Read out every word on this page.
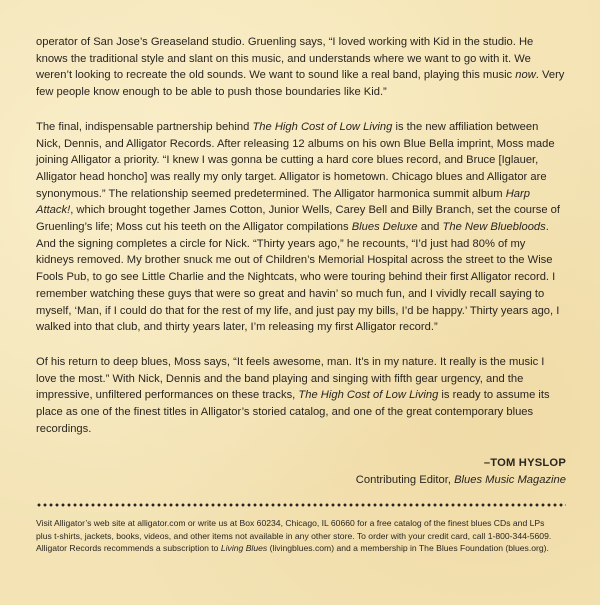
operator of San Jose’s Greaseland studio. Gruenling says, “I loved working with Kid in the studio. He knows the traditional style and slant on this music, and understands where we want to go with it. We weren’t looking to recreate the old sounds. We want to sound like a real band, playing this music now. Very few people know enough to be able to push those boundaries like Kid.”

The final, indispensable partnership behind The High Cost of Low Living is the new affiliation between Nick, Dennis, and Alligator Records. After releasing 12 albums on his own Blue Bella imprint, Moss made joining Alligator a priority. “I knew I was gonna be cutting a hard core blues record, and Bruce [Iglauer, Alligator head honcho] was really my only target. Alligator is hometown. Chicago blues and Alligator are synonymous.” The relationship seemed predetermined. The Alligator harmonica summit album Harp Attack!, which brought together James Cotton, Junior Wells, Carey Bell and Billy Branch, set the course of Gruenling’s life; Moss cut his teeth on the Alligator compilations Blues Deluxe and The New Bluebloods. And the signing completes a circle for Nick. “Thirty years ago,” he recounts, “I’d just had 80% of my kidneys removed. My brother snuck me out of Children’s Memorial Hospital across the street to the Wise Fools Pub, to go see Little Charlie and the Nightcats, who were touring behind their first Alligator record. I remember watching these guys that were so great and havin’ so much fun, and I vividly recall saying to myself, ‘Man, if I could do that for the rest of my life, and just pay my bills, I’d be happy.’ Thirty years ago, I walked into that club, and thirty years later, I’m releasing my first Alligator record.”

Of his return to deep blues, Moss says, “It feels awesome, man. It’s in my nature. It really is the music I love the most.” With Nick, Dennis and the band playing and singing with fifth gear urgency, and the impressive, unfiltered performances on these tracks, The High Cost of Low Living is ready to assume its place as one of the finest titles in Alligator’s storied catalog, and one of the great contemporary blues recordings.

–TOM HYSLOP
Contributing Editor, Blues Music Magazine
Visit Alligator’s web site at alligator.com or write us at Box 60234, Chicago, IL 60660 for a free catalog of the finest blues CDs and LPs plus t-shirts, jackets, books, videos, and other items not available in any other store. To order with your credit card, call 1-800-344-5609. Alligator Records recommends a subscription to Living Blues (livingblues.com) and a membership in The Blues Foundation (blues.org).
